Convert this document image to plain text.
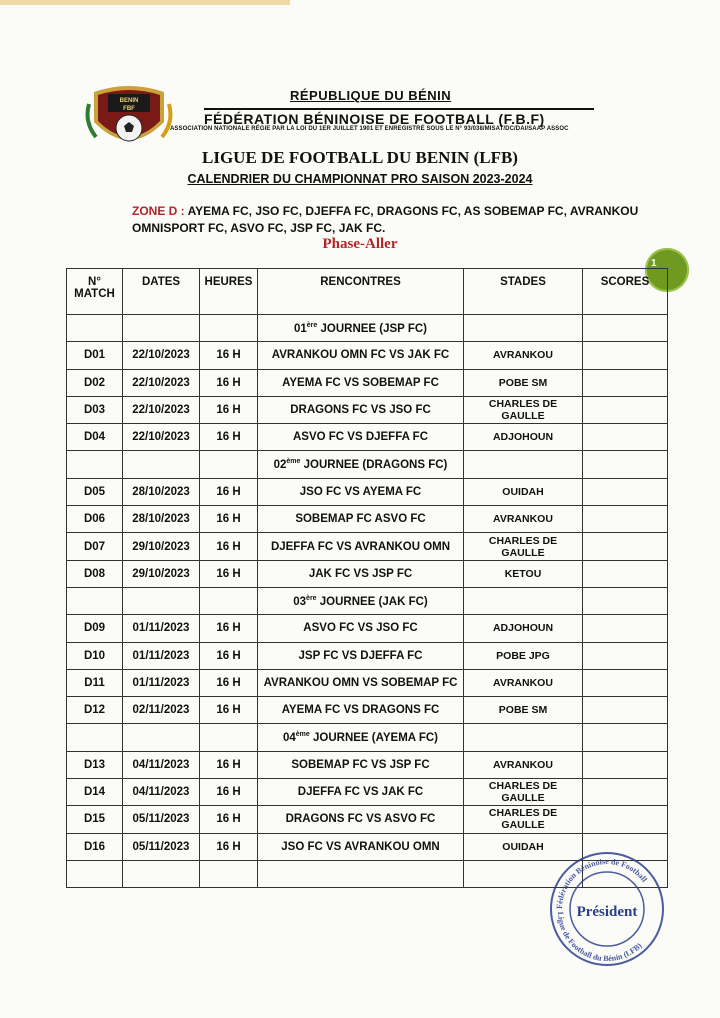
BENIN
FBF
RÉPUBLIQUE DU BÉNIN
FÉDÉRATION BÉNINOISE DE FOOTBALL (F.B.F)
ASSOCIATION NATIONALE RÉGIE PAR LA LOI DU 1ER JUILLET 1901 ET ENREGISTRÉ SOUS LE N° 93/038/MISAT/DC/DAI/SAAP ASSOC
LIGUE DE FOOTBALL DU BENIN (LFB)
CALENDRIER DU CHAMPIONNAT PRO SAISON 2023-2024
ZONE D : AYEMA FC, JSO FC, DJEFFA FC, DRAGONS FC, AS SOBEMAP FC, AVRANKOU
OMNISPORT FC, ASVO FC, JSP FC, JAK FC.
Phase-Aller
1
N° MATCH	DATES	HEURES	RENCONTRES	STADES	SCORES
			01ère JOURNEE (JSP FC)		
D01	22/10/2023	16 H	AVRANKOU OMN FC VS JAK FC	AVRANKOU	
D02	22/10/2023	16 H	AYEMA FC VS SOBEMAP FC	POBE SM	
D03	22/10/2023	16 H	DRAGONS FC VS JSO FC	CHARLES DE GAULLE	
D04	22/10/2023	16 H	ASVO FC VS DJEFFA FC	ADJOHOUN	
			02ème JOURNEE (DRAGONS FC)		
D05	28/10/2023	16 H	JSO FC VS AYEMA FC	OUIDAH	
D06	28/10/2023	16 H	SOBEMAP FC ASVO FC	AVRANKOU	
D07	29/10/2023	16 H	DJEFFA FC VS AVRANKOU OMN	CHARLES DE GAULLE	
D08	29/10/2023	16 H	JAK FC VS JSP FC	KETOU	
			03ère JOURNEE (JAK FC)		
D09	01/11/2023	16 H	ASVO FC VS JSO FC	ADJOHOUN	
D10	01/11/2023	16 H	JSP FC VS DJEFFA FC	POBE JPG	
D11	01/11/2023	16 H	AVRANKOU OMN VS SOBEMAP FC	AVRANKOU	
D12	02/11/2023	16 H	AYEMA FC VS DRAGONS FC	POBE SM	
			04ème JOURNEE (AYEMA FC)		
D13	04/11/2023	16 H	SOBEMAP FC VS JSP FC	AVRANKOU	
D14	04/11/2023	16 H	DJEFFA FC VS JAK FC	CHARLES DE GAULLE	
D15	05/11/2023	16 H	DRAGONS FC VS ASVO FC	CHARLES DE GAULLE	
D16	05/11/2023	16 H	JSO FC VS AVRANKOU OMN	OUIDAH	

Fédération Béninoise de Football
Ligue de Football du Bénin (LFB)
Président
